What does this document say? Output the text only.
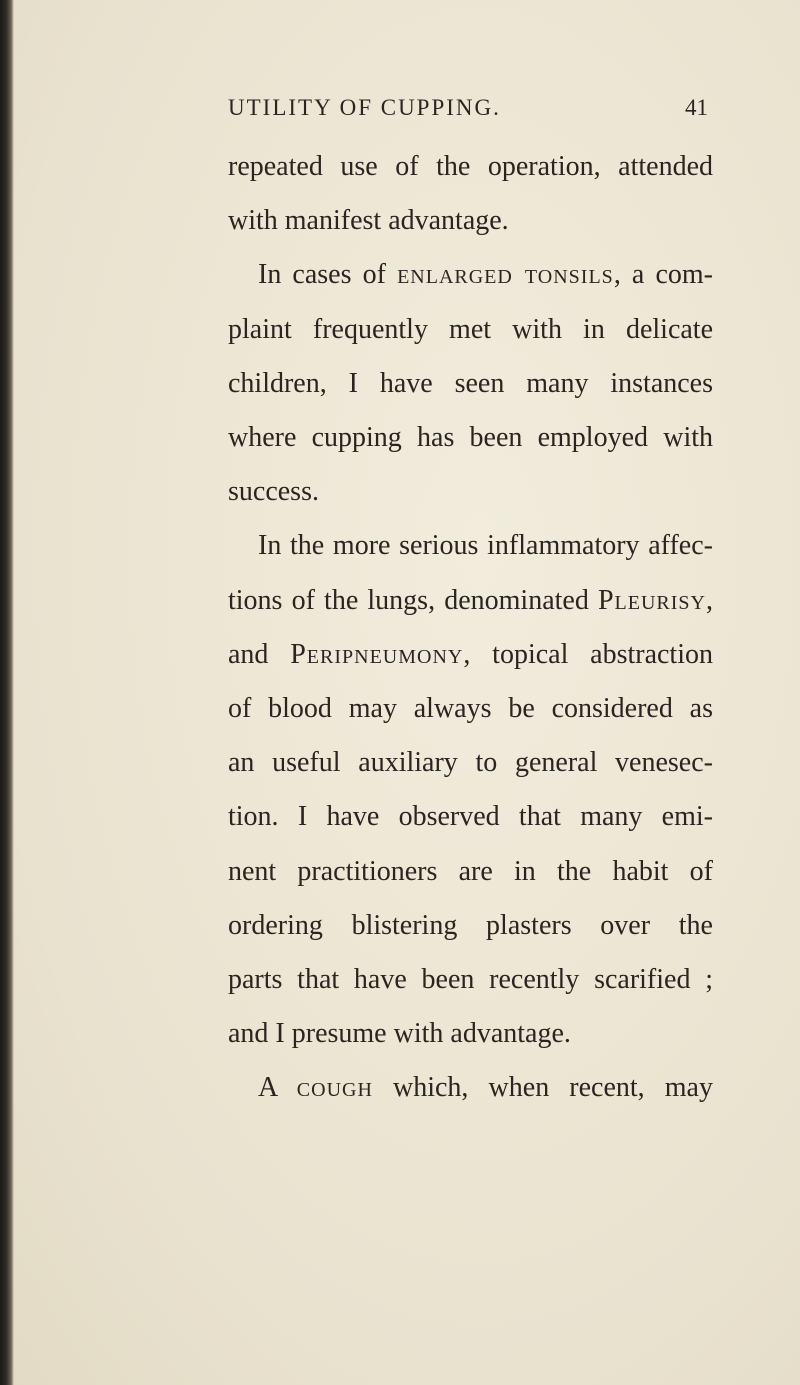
UTILITY OF CUPPING.	41
repeated use of the operation, attended
with manifest advantage.
In cases of enlarged tonsils, a com-
plaint frequently met with in delicate
children, I have seen many instances
where cupping has been employed with
success.
In the more serious inflammatory affec-
tions of the lungs, denominated Pleurisy,
and Peripneumony, topical abstraction
of blood may always be considered as
an useful auxiliary to general venesec-
tion. I have observed that many emi-
nent practitioners are in the habit of
ordering blistering plasters over the
parts that have been recently scarified ;
and I presume with advantage.
A cough which, when recent, may
